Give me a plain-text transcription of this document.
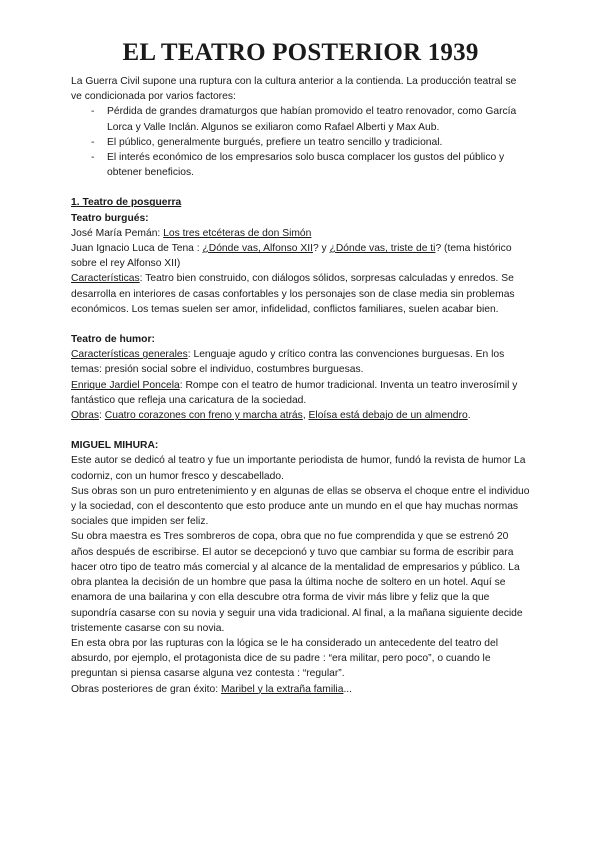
EL TEATRO POSTERIOR 1939

La Guerra Civil supone una ruptura con la cultura anterior a la contienda. La producción teatral se ve condicionada por varios factores:

- Pérdida de grandes dramaturgos que habían promovido el teatro renovador, como García Lorca y Valle Inclán. Algunos se exiliaron como Rafael Alberti y Max Aub.
- El público, generalmente burgués, prefiere un teatro sencillo y tradicional.
- El interés económico de los empresarios solo busca complacer los gustos del público y obtener beneficios.
1. Teatro de posguerra
Teatro burgués:

José María Pemán: Los tres etcéteras de don Simón

Juan Ignacio Luca de Tena : ¿Dónde vas, Alfonso XII? y ¿Dónde vas, triste de ti? (tema histórico sobre el rey Alfonso XII)

Características: Teatro bien construido, con diálogos sólidos, sorpresas calculadas y enredos. Se desarrolla en interiores de casas confortables y los personajes son de clase media sin problemas económicos. Los temas suelen ser amor, infidelidad, conflictos familiares, suelen acabar bien.

Teatro de humor:

Características generales: Lenguaje agudo y crítico contra las convenciones burguesas. En los temas: presión social sobre el individuo, costumbres burguesas.

Enrique Jardiel Poncela: Rompe con el teatro de humor tradicional. Inventa un teatro inverosímil y fantástico que refleja una caricatura de la sociedad.

Obras: Cuatro corazones con freno y marcha atrás, Eloísa está debajo de un almendro.

MIGUEL MIHURA:

Este autor se dedicó al teatro y fue un importante periodista de humor, fundó la revista de humor La codorniz, con un humor fresco y descabellado.

Sus obras son un puro entretenimiento y en algunas de ellas se observa el choque entre el individuo y la sociedad, con el descontento que esto produce ante un mundo en el que hay muchas normas sociales que impiden ser feliz.

Su obra maestra es Tres sombreros de copa, obra que no fue comprendida y que se estrenó 20 años después de escribirse. El autor se decepcionó y tuvo que cambiar su forma de escribir para hacer otro tipo de teatro más comercial y al alcance de la mentalidad de empresarios y público. La obra plantea la decisión de un hombre que pasa la última noche de soltero en un hotel. Aquí se enamora de una bailarina y con ella descubre otra forma de vivir más libre y feliz que la que supondría casarse con su novia y seguir una vida tradicional. Al final, a la mañana siguiente decide tristemente casarse con su novia.

En esta obra por las rupturas con la lógica se le ha considerado un antecedente del teatro del absurdo, por ejemplo, el protagonista dice de su padre : “era militar, pero poco”, o cuando le preguntan si piensa casarse alguna vez contesta : “regular”.

Obras posteriores de gran éxito: Maribel y la extraña familia...
